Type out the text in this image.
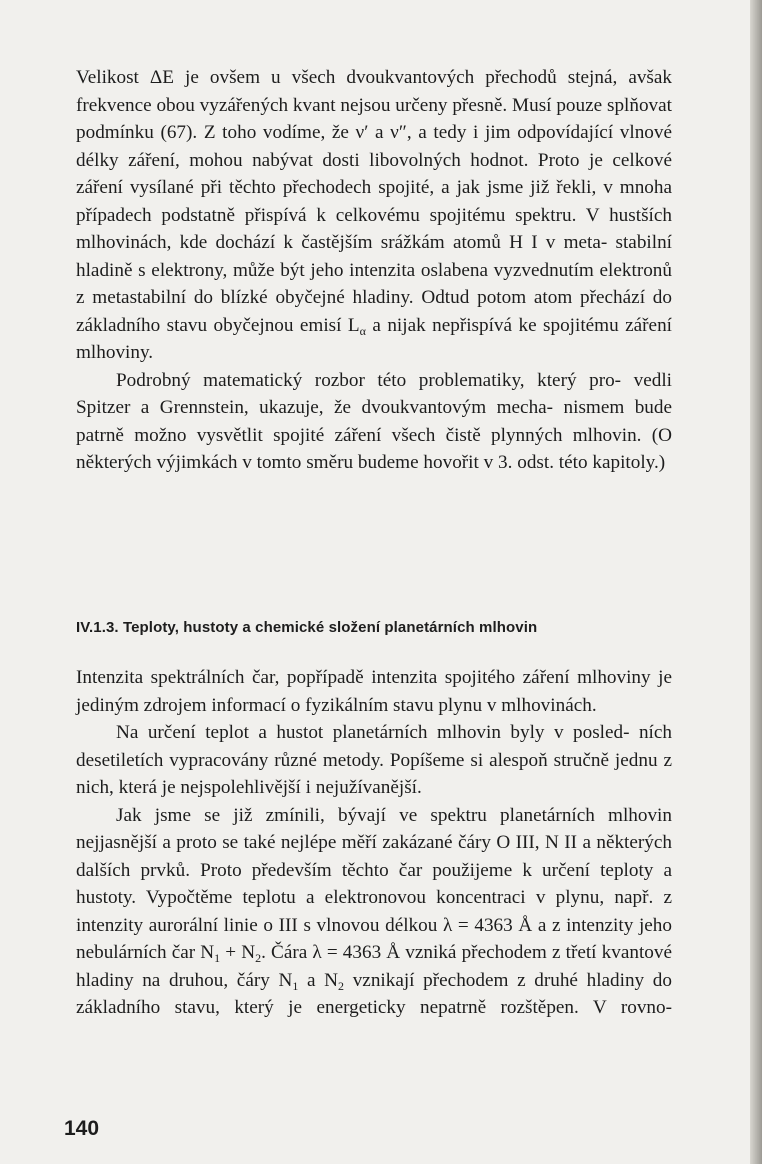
Velikost ΔE je ovšem u všech dvoukvantových přechodů stejná, avšak frekvence obou vyzářených kvant nejsou určeny přesně. Musí pouze splňovat podmínku (67). Z toho vodíme, že ν′ a ν″, a tedy i jim odpovídající vlnové délky záření, mohou nabývat dosti libovolných hodnot. Proto je celkové záření vysílané při těchto přechodech spojité, a jak jsme již řekli, v mnoha případech podstatně přispívá k celkovému spojitému spektru. V hustších mlhovinách, kde dochází k častějším srážkám atomů H I v meta- stabilní hladině s elektrony, může být jeho intenzita oslabena vyzvednutím elektronů z metastabilní do blízké obyčejné hladiny. Odtud potom atom přechází do základního stavu obyčejnou emisí $L_\alpha$ a nijak nepřispívá ke spojitému záření mlhoviny.

Podrobný matematický rozbor této problematiky, který pro- vedli Spitzer a Grennstein, ukazuje, že dvoukvantovým mecha- nismem bude patrně možno vysvětlit spojité záření všech čistě plynných mlhovin. (O některých výjimkách v tomto směru budeme hovořit v 3. odst. této kapitoly.)

IV.1.3. Teploty, hustoty a chemické složení planetárních mlhovin

Intenzita spektrálních čar, popřípadě intenzita spojitého záření mlhoviny je jediným zdrojem informací o fyzikálním stavu plynu v mlhovinách.

Na určení teplot a hustot planetárních mlhovin byly v posled- ních desetiletích vypracovány různé metody. Popíšeme si alespoň stručně jednu z nich, která je nejspolehlivější i nejužívanější.

Jak jsme se již zmínili, bývají ve spektru planetárních mlhovin nejjasnější a proto se také nejlépe měří zakázané čáry O III, N II a některých dalších prvků. Proto především těchto čar použijeme k určení teploty a hustoty. Vypočtěme teplotu a elektronovou koncentraci v plynu, např. z intenzity aurorální linie o III s vlnovou délkou λ = 4363 Å a z intenzity jeho nebulárních čar $N_1 + N_2$. Čára λ = 4363 Å vzniká přechodem z třetí kvantové hladiny na druhou, čáry $N_1$ a $N_2$ vznikají přechodem z druhé hladiny do základního stavu, který je energeticky nepatrně rozštěpen. V rovno-

140
